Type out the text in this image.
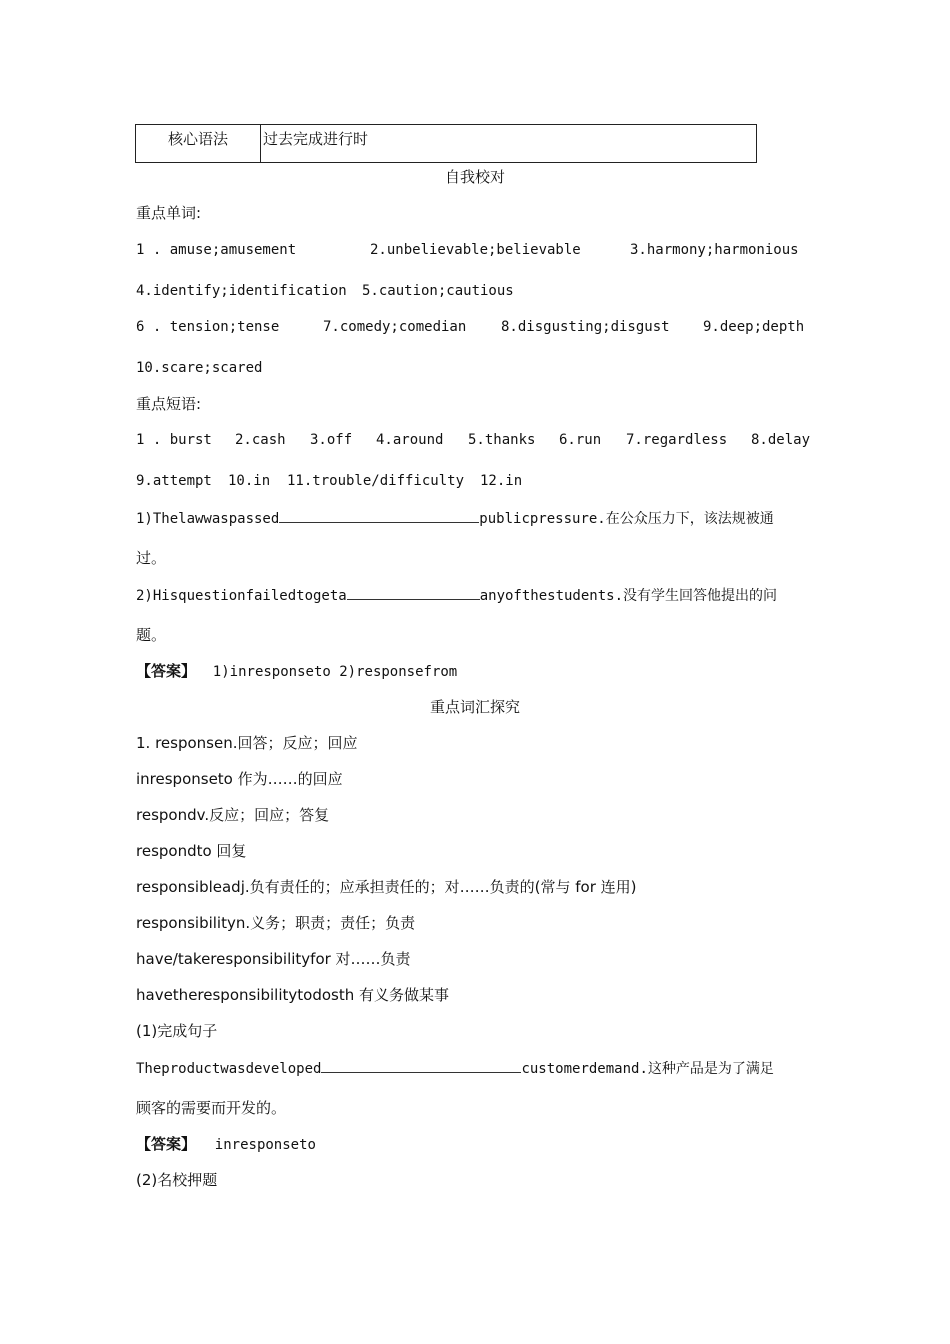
核心语法	过去完成进行时
自我校对
重点单词:
1 . amuse;amusement	2.unbelievable;believable	3.harmony;harmonious
4.identify;identification 5.caution;cautious
6 . tension;tense	7.comedy;comedian 8.disgusting;disgust 9.deep;depth
10.scare;scared
重点短语:
1 . burst 2.cash 3.off 4.around 5.thanks 6.run 7.regardless 8.delay
9.attempt 10.in 11.trouble/difficulty 12.in
1)Thelawwaspassed	publicpressure.在公众压力下，该法规被通
过。
2)Hisquestionfailedtogeta	anyofthestudents.没有学生回答他提出的问
题。
【答案】 1)inresponseto 2)responsefrom
重点词汇探究
1. responsen.回答；反应；回应
inresponseto 作为……的回应
respondv.反应；回应；答复
respondto 回复
responsibleadj.负有责任的；应承担责任的；对……负责的(常与 for 连用)
responsibilityn.义务；职责；责任；负责
have/takeresponsibilityfor 对……负责
havetheresponsibilitytodosth 有义务做某事
(1)完成句子
Theproductwasdeveloped	customerdemand.这种产品是为了满足
顾客的需要而开发的。
【答案】 inresponseto
(2)名校押题
